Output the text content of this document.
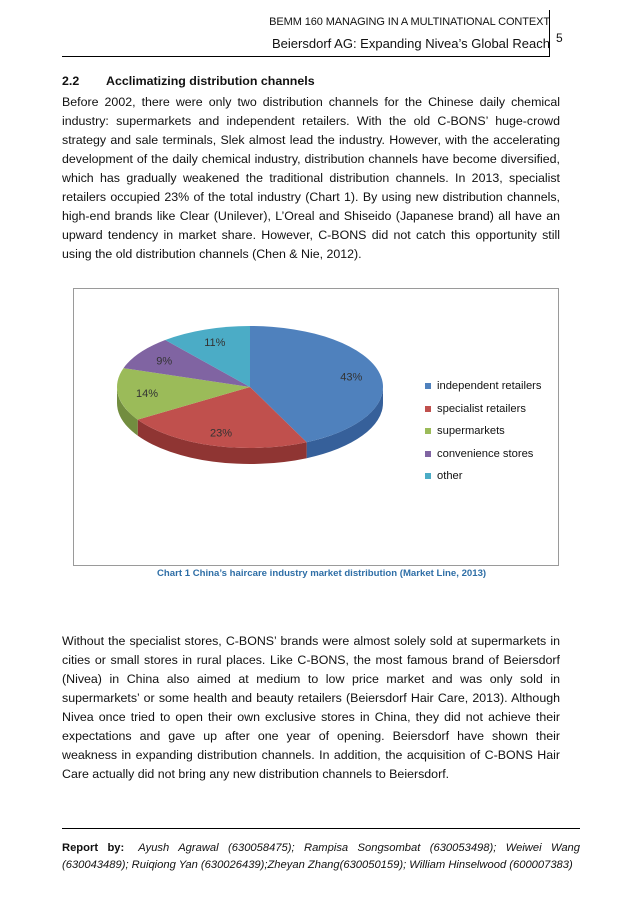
BEMM 160 MANAGING IN A MULTINATIONAL CONTEXT
Beiersdorf AG: Expanding Nivea’s Global Reach 5
2.2 Acclimatizing distribution channels
Before 2002, there were only two distribution channels for the Chinese daily chemical industry: supermarkets and independent retailers. With the old C-BONS’ huge-crowd strategy and sale terminals, Slek almost lead the industry. However, with the accelerating development of the daily chemical industry, distribution channels have become diversified, which has gradually weakened the traditional distribution channels. In 2013, specialist retailers occupied 23% of the total industry (Chart 1). By using new distribution channels, high-end brands like Clear (Unilever), L’Oreal and Shiseido (Japanese brand) all have an upward tendency in market share. However, C-BONS did not catch this opportunity still using the old distribution channels (Chen & Nie, 2012).
43%
23%
14%
9%
11%
independent retailers
specialist retailers
supermarkets
convenience stores
other
Chart 1 China’s haircare industry market distribution (Market Line, 2013)
Without the specialist stores, C-BONS’ brands were almost solely sold at supermarkets in cities or small stores in rural places. Like C-BONS, the most famous brand of Beiersdorf (Nivea) in China also aimed at medium to low price market and was only sold in supermarkets’ or some health and beauty retailers (Beiersdorf Hair Care, 2013). Although Nivea once tried to open their own exclusive stores in China, they did not achieve their expectations and gave up after one year of opening. Beiersdorf have shown their weakness in expanding distribution channels. In addition, the acquisition of C-BONS Hair Care actually did not bring any new distribution channels to Beiersdorf.
Report by: Ayush Agrawal (630058475); Rampisa Songsombat (630053498); Weiwei Wang (630043489); Ruiqiong Yan (630026439);Zheyan Zhang(630050159); William Hinselwood (600007383)
